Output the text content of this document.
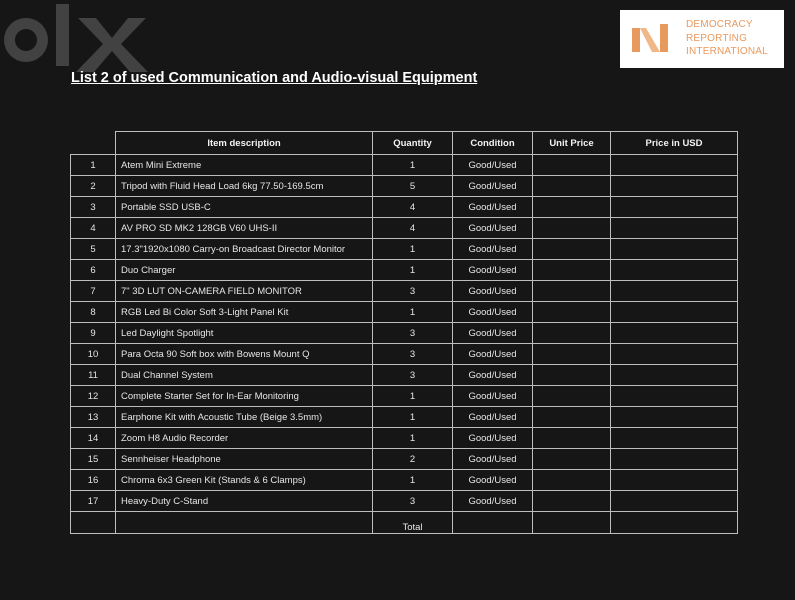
DEMOCRACY
REPORTING
INTERNATIONAL
List 2 of used Communication and Audio-visual Equipment
	Item description	Quantity	Condition	Unit Price	Price in USD
1	Atem Mini Extreme	1	Good/Used		
2	Tripod with Fluid Head Load 6kg 77.50-169.5cm	5	Good/Used		
3	Portable SSD USB-C	4	Good/Used		
4	AV PRO SD MK2 128GB V60 UHS-II	4	Good/Used		
5	17.3"1920x1080 Carry-on Broadcast Director Monitor	1	Good/Used		
6	Duo Charger	1	Good/Used		
7	7" 3D LUT ON-CAMERA FIELD MONITOR	3	Good/Used		
8	RGB Led Bi Color Soft 3-Light Panel Kit	1	Good/Used		
9	Led Daylight Spotlight	3	Good/Used		
10	Para Octa 90 Soft box with Bowens Mount Q	3	Good/Used		
11	Dual Channel System	3	Good/Used		
12	Complete Starter Set for In-Ear Monitoring	1	Good/Used		
13	Earphone Kit with Acoustic Tube (Beige 3.5mm)	1	Good/Used		
14	Zoom H8 Audio Recorder	1	Good/Used		
15	Sennheiser Headphone	2	Good/Used		
16	Chroma 6x3 Green Kit (Stands & 6 Clamps)	1	Good/Used		
17	Heavy-Duty C-Stand	3	Good/Used		
		Total			
